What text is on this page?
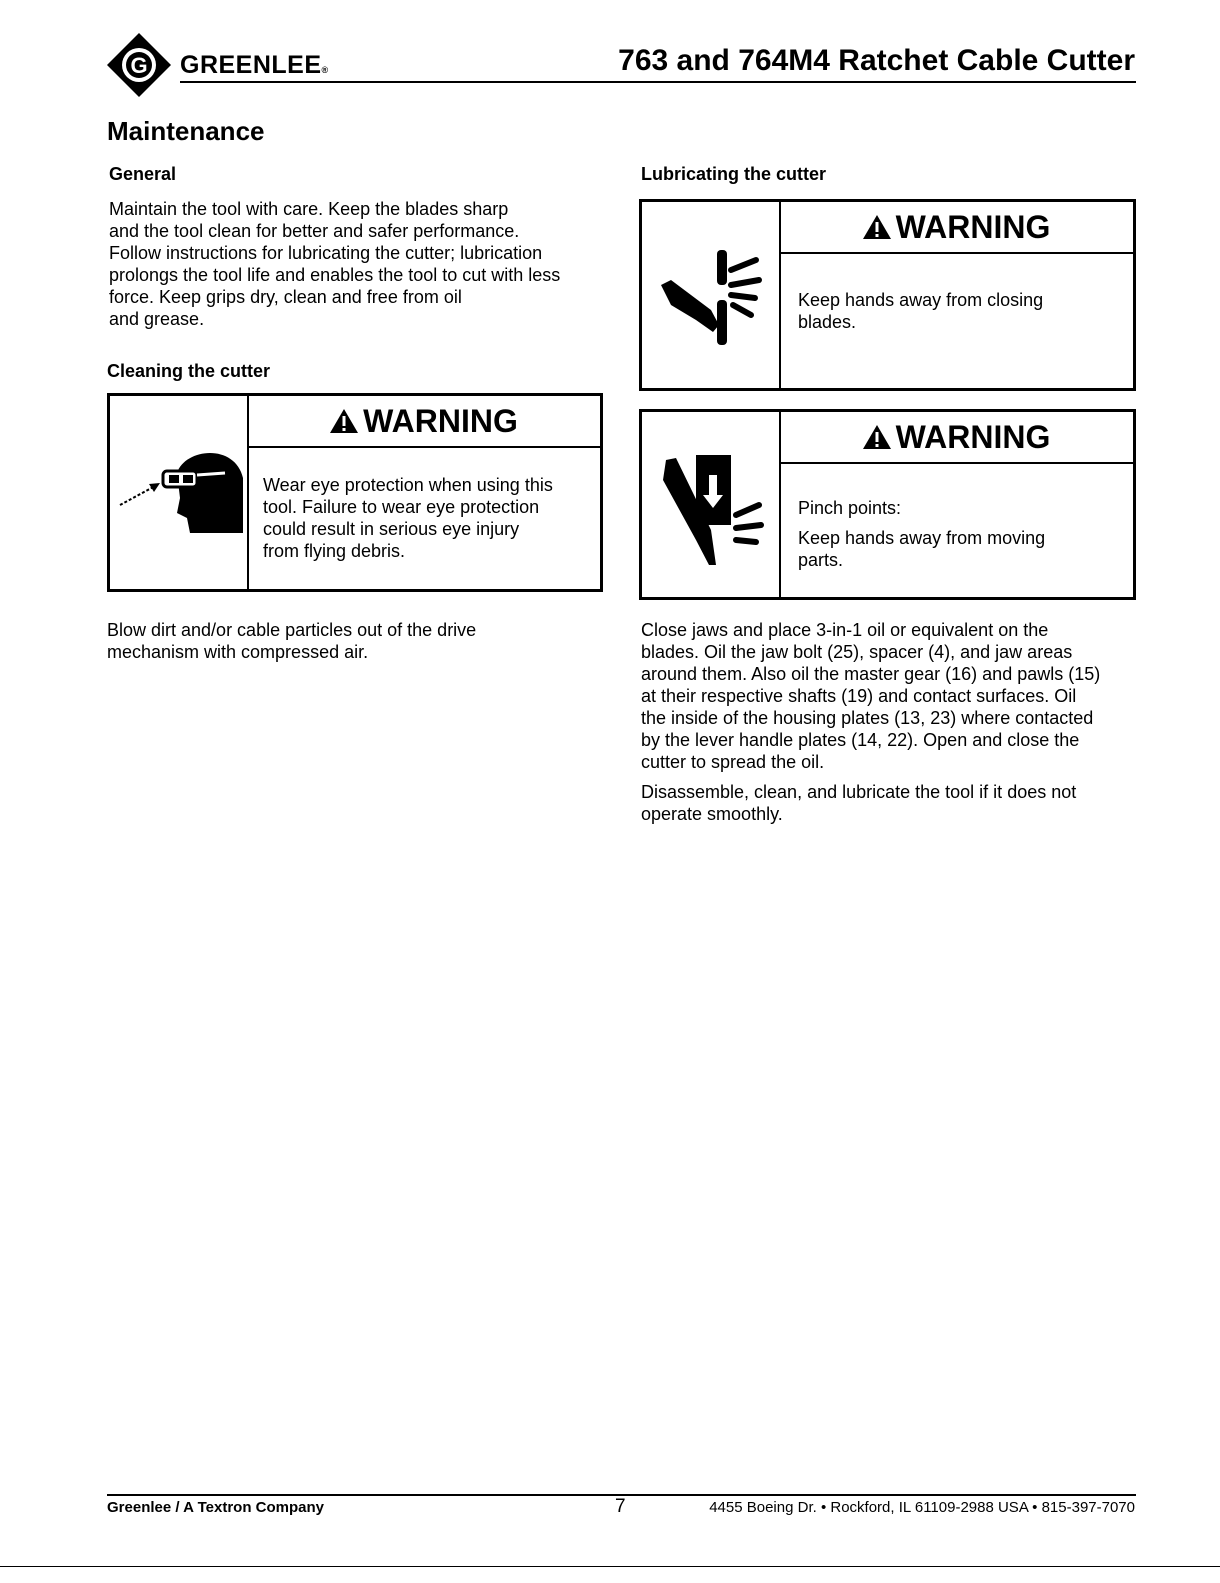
G GREENLEE®	763 and 764M4 Ratchet Cable Cutter
Maintenance
General
Maintain the tool with care. Keep the blades sharp
and the tool clean for better and safer performance.
Follow instructions for lubricating the cutter; lubrication
prolongs the tool life and enables the tool to cut with less
force. Keep grips dry, clean and free from oil
and grease.
Cleaning the cutter
WARNING
Wear eye protection when using this
tool. Failure to wear eye protection
could result in serious eye injury
from flying debris.
Blow dirt and/or cable particles out of the drive
mechanism with compressed air.
Lubricating the cutter
WARNING
Keep hands away from closing
blades.
WARNING
Pinch points:
Keep hands away from moving
parts.
Close jaws and place 3-in-1 oil or equivalent on the
blades. Oil the jaw bolt (25), spacer (4), and jaw areas
around them. Also oil the master gear (16) and pawls (15)
at their respective shafts (19) and contact surfaces. Oil
the inside of the housing plates (13, 23) where contacted
by the lever handle plates (14, 22). Open and close the
cutter to spread the oil.
Disassemble, clean, and lubricate the tool if it does not
operate smoothly.
Greenlee / A Textron Company	7	4455 Boeing Dr. • Rockford, IL 61109-2988 USA • 815-397-7070
